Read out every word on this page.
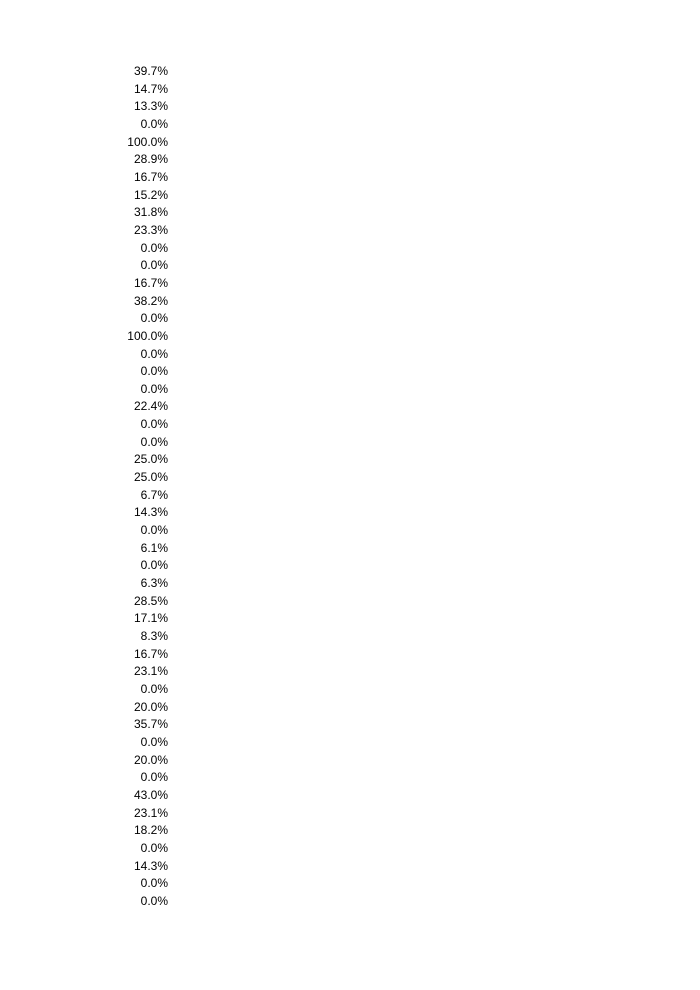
39.7%
14.7%
13.3%
0.0%
100.0%
28.9%
16.7%
15.2%
31.8%
23.3%
0.0%
0.0%
16.7%
38.2%
0.0%
100.0%
0.0%
0.0%
0.0%
22.4%
0.0%
0.0%
25.0%
25.0%
6.7%
14.3%
0.0%
6.1%
0.0%
6.3%
28.5%
17.1%
8.3%
16.7%
23.1%
0.0%
20.0%
35.7%
0.0%
20.0%
0.0%
43.0%
23.1%
18.2%
0.0%
14.3%
0.0%
0.0%
